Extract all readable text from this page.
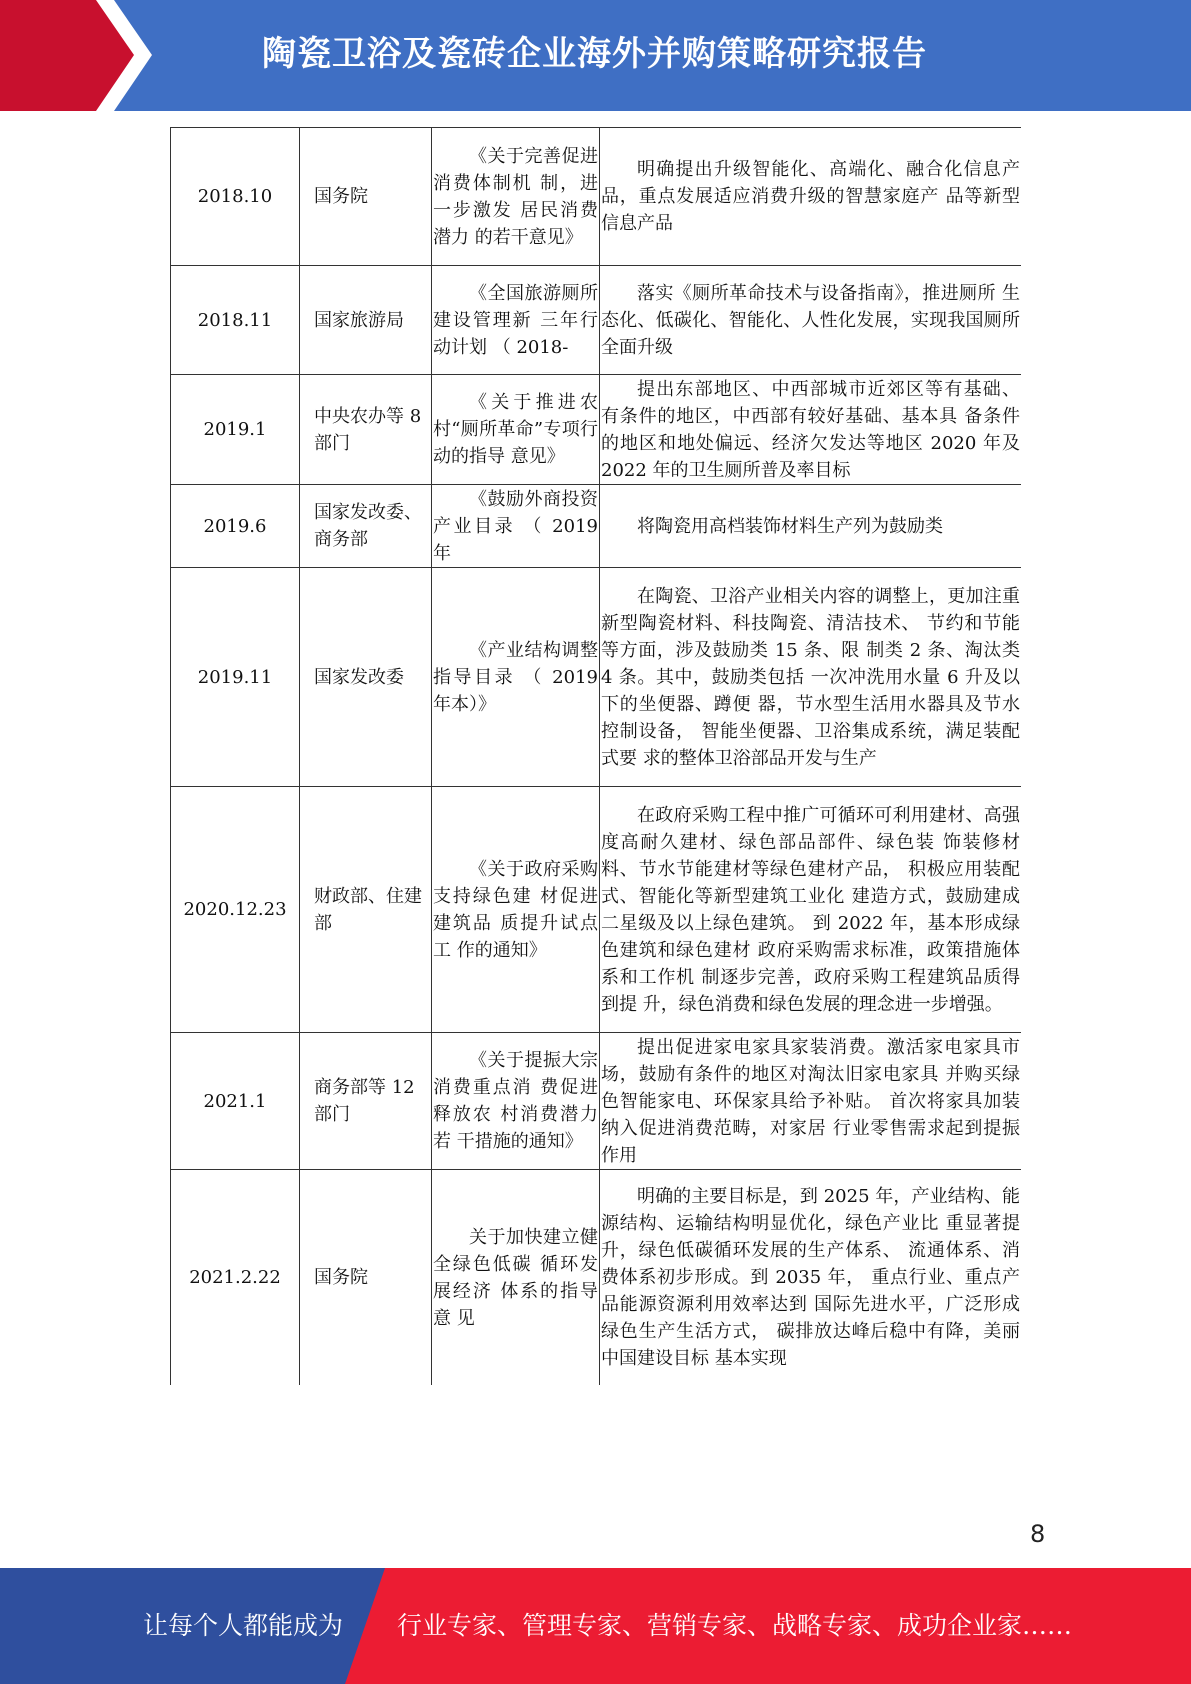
陶瓷卫浴及瓷砖企业海外并购策略研究报告
2018.10	国务院	《关于完善促进消费体制机 制，进一步激发 居民消费潜力 的若干意见》	明确提出升级智能化、高端化、融合化信息产品，重点发展适应消费升级的智慧家庭产 品等新型信息产品
2018.11	国家旅游局	《全国旅游厕所建设管理新 三年行动计划 （ 2018-	落实《厕所革命技术与设备指南》，推进厕所 生态化、低碳化、智能化、人性化发展，实现我国厕所全面升级
2019.1	中央农办等 8 部门	《关于推进农村“厕所革命”专项行动的指导 意见》	提出东部地区、中西部城市近郊区等有基础、 有条件的地区，中西部有较好基础、基本具 备条件的地区和地处偏远、经济欠发达等地区 2020 年及 2022 年的卫生厕所普及率目标
2019.6	国家发改委、商务部	《鼓励外商投资产业目录 （ 2019 年	将陶瓷用高档装饰材料生产列为鼓励类
2019.11	国家发改委	《产业结构调整指导目录 （ 2019 年本）》	在陶瓷、卫浴产业相关内容的调整上，更加注重新型陶瓷材料、科技陶瓷、清洁技术、 节约和节能等方面，涉及鼓励类 15 条、限 制类 2 条、淘汰类 4 条。其中，鼓励类包括 一次冲洗用水量 6 升及以下的坐便器、蹲便 器，节水型生活用水器具及节水控制设备， 智能坐便器、卫浴集成系统，满足装配式要 求的整体卫浴部品开发与生产
2020.12.23	财政部、住建部	《关于政府采购支持绿色建 材促进建筑品 质提升试点工 作的通知》	在政府采购工程中推广可循环可利用建材、高强度高耐久建材、绿色部品部件、绿色装 饰装修材料、节水节能建材等绿色建材产品， 积极应用装配式、智能化等新型建筑工业化 建造方式，鼓励建成二星级及以上绿色建筑。 到 2022 年，基本形成绿色建筑和绿色建材 政府采购需求标准，政策措施体系和工作机 制逐步完善，政府采购工程建筑品质得到提 升，绿色消费和绿色发展的理念进一步增强。
2021.1	商务部等 12 部门	《关于提振大宗消费重点消 费促进释放农 村消费潜力若 干措施的通知》	提出促进家电家具家装消费。激活家电家具市场，鼓励有条件的地区对淘汰旧家电家具 并购买绿色智能家电、环保家具给予补贴。 首次将家具加装纳入促进消费范畴，对家居 行业零售需求起到提振作用
2021.2.22	国务院	关于加快建立健全绿色低碳 循环发展经济 体系的指导意 见	明确的主要目标是，到 2025 年，产业结构、能源结构、运输结构明显优化，绿色产业比 重显著提升，绿色低碳循环发展的生产体系、 流通体系、消费体系初步形成。到 2035 年， 重点行业、重点产品能源资源利用效率达到 国际先进水平，广泛形成绿色生产生活方式， 碳排放达峰后稳中有降，美丽中国建设目标 基本实现
8
让每个人都能成为 行业专家、管理专家、营销专家、战略专家、成功企业家……
